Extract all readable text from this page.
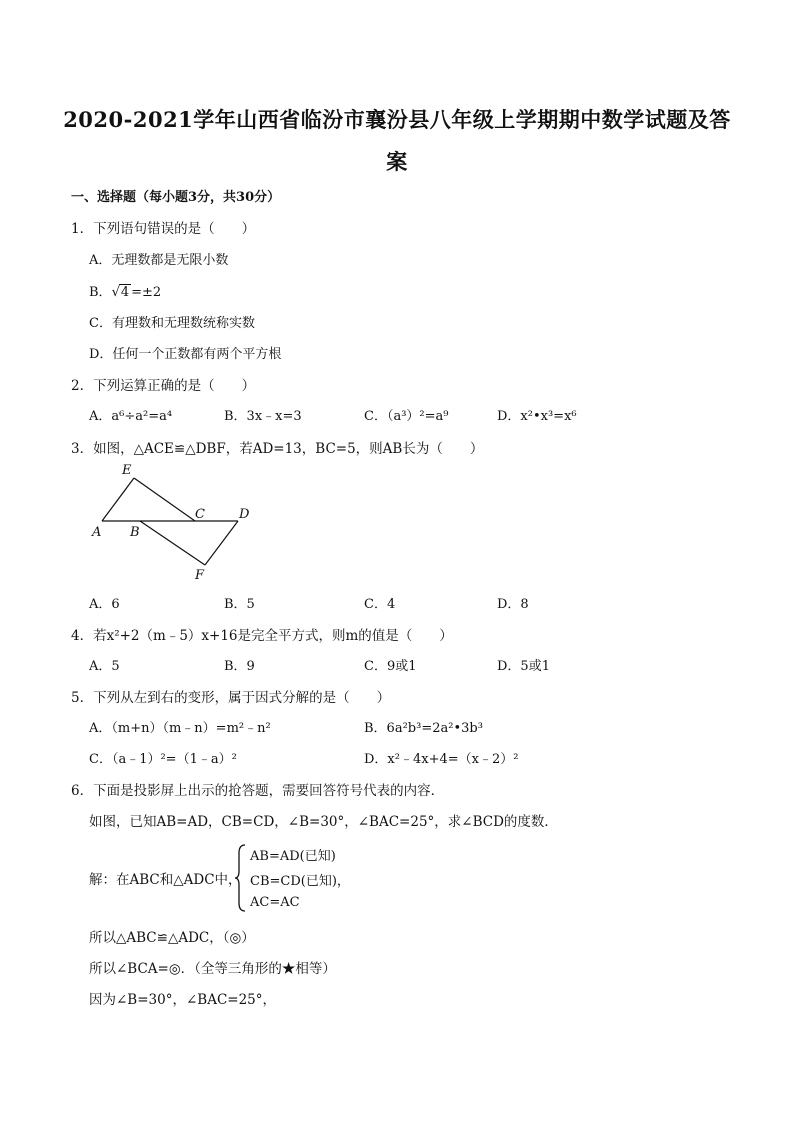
2020-2021学年山西省临汾市襄汾县八年级上学期期中数学试题及答
案
一、选择题（每小题3分，共30分）
1．下列语句错误的是（　　）
A．无理数都是无限小数
B．√4 =±2
C．有理数和无理数统称实数
D．任何一个正数都有两个平方根
2．下列运算正确的是（　　）
A．a⁶÷a²=a⁴	B．3x﹣x=3	C．（a³）²=a⁹	D．x²•x³=x⁶
3．如图，△ACE≌△DBF，若AD=13，BC=5，则AB长为（　　）
E
A B
C	D
F
A．6	B．5	C．4	D．8
4．若x²+2（m﹣5）x+16是完全平方式，则m的值是（　　）
A．5	B．9	C．9或1	D．5或1
5．下列从左到右的变形，属于因式分解的是（　　）
A．（m+n）（m﹣n）=m²﹣n²	B．6a²b³=2a²•3b³
C．（a﹣1）²=（1﹣a）²	D．x²﹣4x+4=（x﹣2）²
6．下面是投影屏上出示的抢答题，需要回答符号代表的内容．
如图，已知AB=AD，CB=CD，∠B=30°，∠BAC=25°，求∠BCD的度数．
解：在ABC和△ADC中，
AB=AD(已知)
CB=CD(已知)，
AC=AC
所以△ABC≌△ADC，（◎）
所以∠BCA=◎．（全等三角形的★相等）
因为∠B=30°，∠BAC=25°，
